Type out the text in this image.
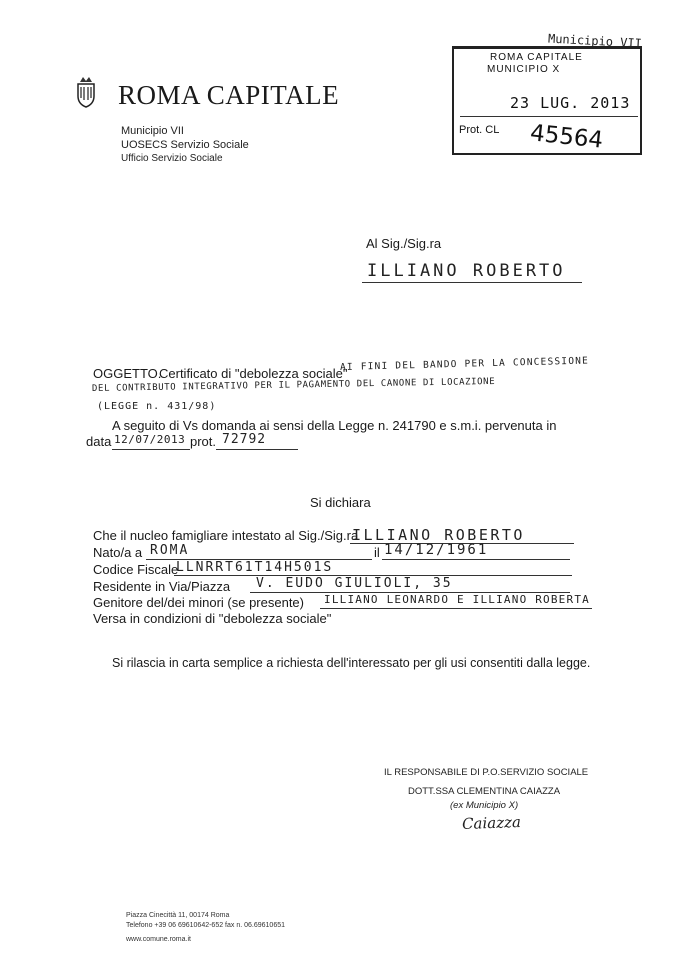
ROMA CAPITALE
Municipio VII
UOSECS Servizio Sociale
Ufficio Servizio Sociale
Municipio VII
ROMA CAPITALE
MUNICIPIO X
23 LUG. 2013
Prot. CL 45564
Al Sig./Sig.ra
ILLIANO ROBERTO
OGGETTO.
Certificato di "debolezza sociale"
AI FINI DEL BANDO PER LA CONCESSIONE
DEL CONTRIBUTO INTEGRATIVO PER IL PAGAMENTO DEL CANONE DI LOCAZIONE
(LEGGE n. 431/98)
A seguito di Vs domanda ai sensi della Legge n. 241790 e s.m.i. pervenuta in
data 12/07/2013 prot. 72792
Si dichiara
Che il nucleo famigliare intestato al Sig./Sig.ra
ILLIANO ROBERTO
Nato/a a ROMA	il 14/12/1961
Codice Fiscale
LLNRRT61T14H501S
Residente in Via/Piazza V. EUDO GIULIOLI, 35
Genitore del/dei minori (se presente) ILLIANO LEONARDO E ILLIANO ROBERTA
Versa in condizioni di "debolezza sociale"
Si rilascia in carta semplice a richiesta dell'interessato per gli usi consentiti dalla legge.
IL RESPONSABILE DI P.O.SERVIZIO SOCIALE
DOTT.SSA CLEMENTINA CAIAZZA
(ex Municipio X)
Caiazza
Piazza Cinecittà 11, 00174 Roma
Telefono +39 06 69610642-652 fax n. 06.69610651
www.comune.roma.it
